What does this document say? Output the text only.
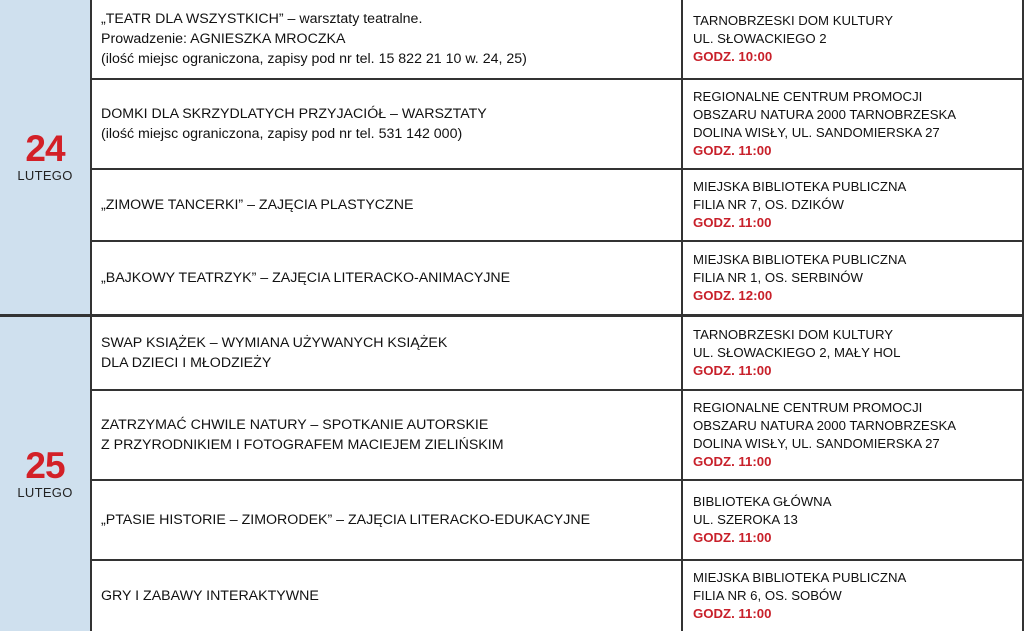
24
LUTEGO
„TEATR DLA WSZYSTKICH” – warsztaty teatralne.
Prowadzenie: AGNIESZKA MROCZKA
(ilość miejsc ograniczona, zapisy pod nr tel. 15 822 21 10 w. 24, 25)
TARNOBRZESKI DOM KULTURY
UL. SŁOWACKIEGO 2
GODZ. 10:00
DOMKI DLA SKRZYDLATYCH PRZYJACIÓŁ – WARSZTATY
(ilość miejsc ograniczona, zapisy pod nr tel. 531 142 000)
REGIONALNE CENTRUM PROMOCJI
OBSZARU NATURA 2000 TARNOBRZESKA
DOLINA WISŁY, UL. SANDOMIERSKA 27
GODZ. 11:00
„ZIMOWE TANCERKI” – ZAJĘCIA PLASTYCZNE
MIEJSKA BIBLIOTEKA PUBLICZNA
FILIA NR 7, OS. DZIKÓW
GODZ. 11:00
„BAJKOWY TEATRZYK” – ZAJĘCIA LITERACKO-ANIMACYJNE
MIEJSKA BIBLIOTEKA PUBLICZNA
FILIA NR 1, OS. SERBINÓW
GODZ. 12:00
25
LUTEGO
SWAP KSIĄŻEK – WYMIANA UŻYWANYCH KSIĄŻEK
DLA DZIECI I MŁODZIEŻY
TARNOBRZESKI DOM KULTURY
UL. SŁOWACKIEGO 2, MAŁY HOL
GODZ. 11:00
ZATRZYMAĆ CHWILE NATURY – SPOTKANIE AUTORSKIE
Z PRZYRODNIKIEM I FOTOGRAFEM MACIEJEM ZIELIŃSKIM
REGIONALNE CENTRUM PROMOCJI
OBSZARU NATURA 2000 TARNOBRZESKA
DOLINA WISŁY, UL. SANDOMIERSKA 27
GODZ. 11:00
„PTASIE HISTORIE – ZIMORODEK” – ZAJĘCIA LITERACKO-EDUKACYJNE
BIBLIOTEKA GŁÓWNA
UL. SZEROKA 13
GODZ. 11:00
GRY I ZABAWY INTERAKTYWNE
MIEJSKA BIBLIOTEKA PUBLICZNA
FILIA NR 6, OS. SOBÓW
GODZ. 11:00
